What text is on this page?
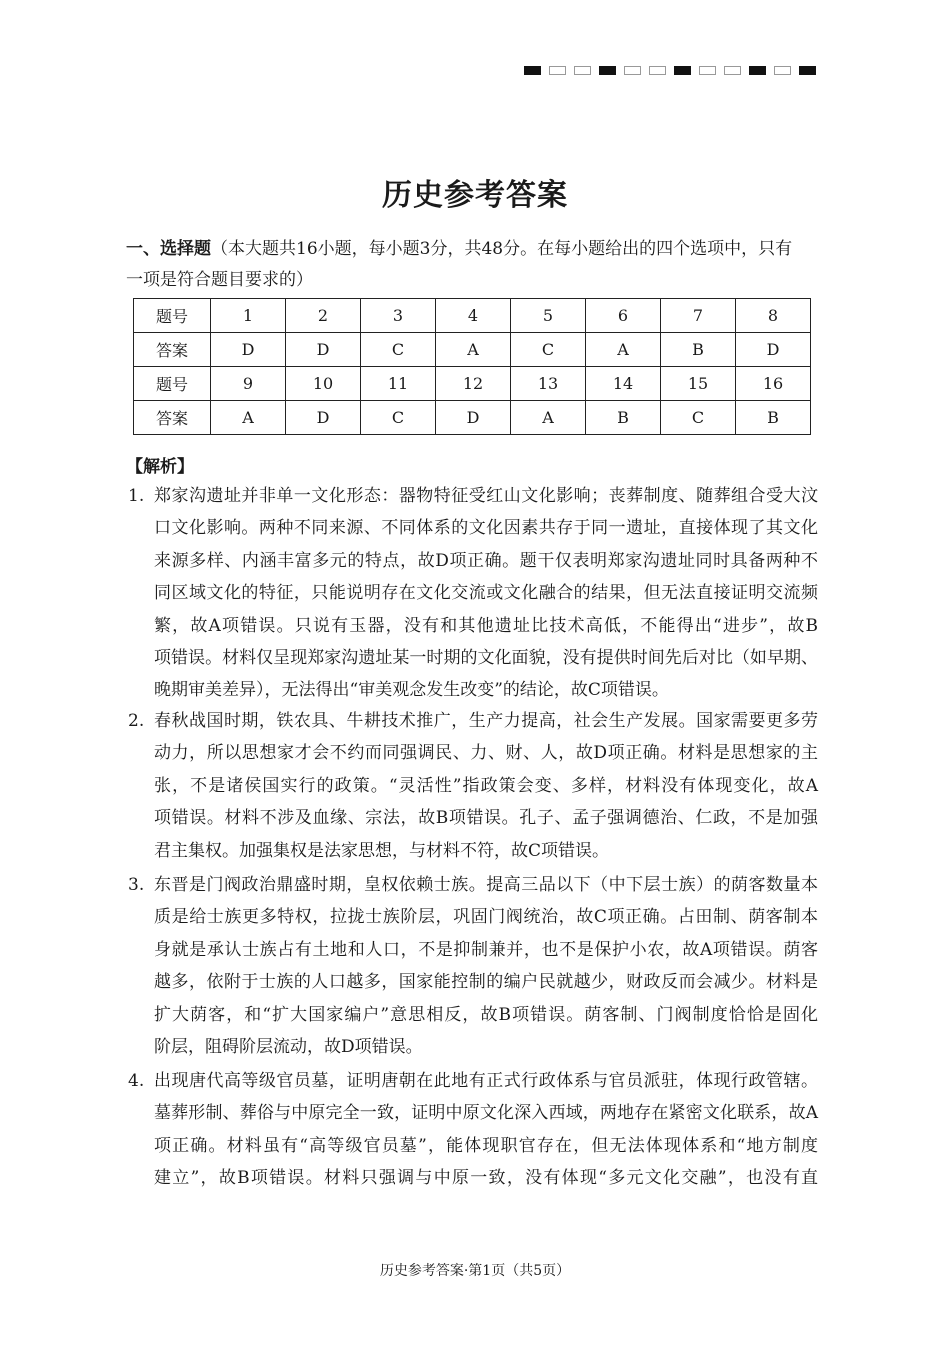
历史参考答案
一、选择题（本大题共16小题，每小题3分，共48分。在每小题给出的四个选项中，只有
一项是符合题目要求的）
题号	1	2	3	4	5	6	7	8
答案	D	D	C	A	C	A	B	D
题号	9	10	11	12	13	14	15	16
答案	A	D	C	D	A	B	C	B
【解析】
1. 郑家沟遗址并非单一文化形态：器物特征受红山文化影响；丧葬制度、随葬组合受大汶
口文化影响。两种不同来源、不同体系的文化因素共存于同一遗址，直接体现了其文化
来源多样、内涵丰富多元的特点，故D项正确。题干仅表明郑家沟遗址同时具备两种不
同区域文化的特征，只能说明存在文化交流或文化融合的结果，但无法直接证明交流频
繁，故A项错误。只说有玉器，没有和其他遗址比技术高低，不能得出“进步”，故B
项错误。材料仅呈现郑家沟遗址某一时期的文化面貌，没有提供时间先后对比（如早期、
晚期审美差异），无法得出“审美观念发生改变”的结论，故C项错误。
2. 春秋战国时期，铁农具、牛耕技术推广，生产力提高，社会生产发展。国家需要更多劳
动力，所以思想家才会不约而同强调民、力、财、人，故D项正确。材料是思想家的主
张，不是诸侯国实行的政策。“灵活性”指政策会变、多样，材料没有体现变化，故A
项错误。材料不涉及血缘、宗法，故B项错误。孔子、孟子强调德治、仁政，不是加强
君主集权。加强集权是法家思想，与材料不符，故C项错误。
3. 东晋是门阀政治鼎盛时期，皇权依赖士族。提高三品以下（中下层士族）的荫客数量本
质是给士族更多特权，拉拢士族阶层，巩固门阀统治，故C项正确。占田制、荫客制本
身就是承认士族占有土地和人口，不是抑制兼并，也不是保护小农，故A项错误。荫客
越多，依附于士族的人口越多，国家能控制的编户民就越少，财政反而会减少。材料是
扩大荫客，和“扩大国家编户”意思相反，故B项错误。荫客制、门阀制度恰恰是固化
阶层，阻碍阶层流动，故D项错误。
4. 出现唐代高等级官员墓，证明唐朝在此地有正式行政体系与官员派驻，体现行政管辖。
墓葬形制、葬俗与中原完全一致，证明中原文化深入西域，两地存在紧密文化联系，故A
项正确。材料虽有“高等级官员墓”，能体现职官存在，但无法体现体系和“地方制度
建立”，故B项错误。材料只强调与中原一致，没有体现“多元文化交融”，也没有直
历史参考答案·第1页（共5页）
